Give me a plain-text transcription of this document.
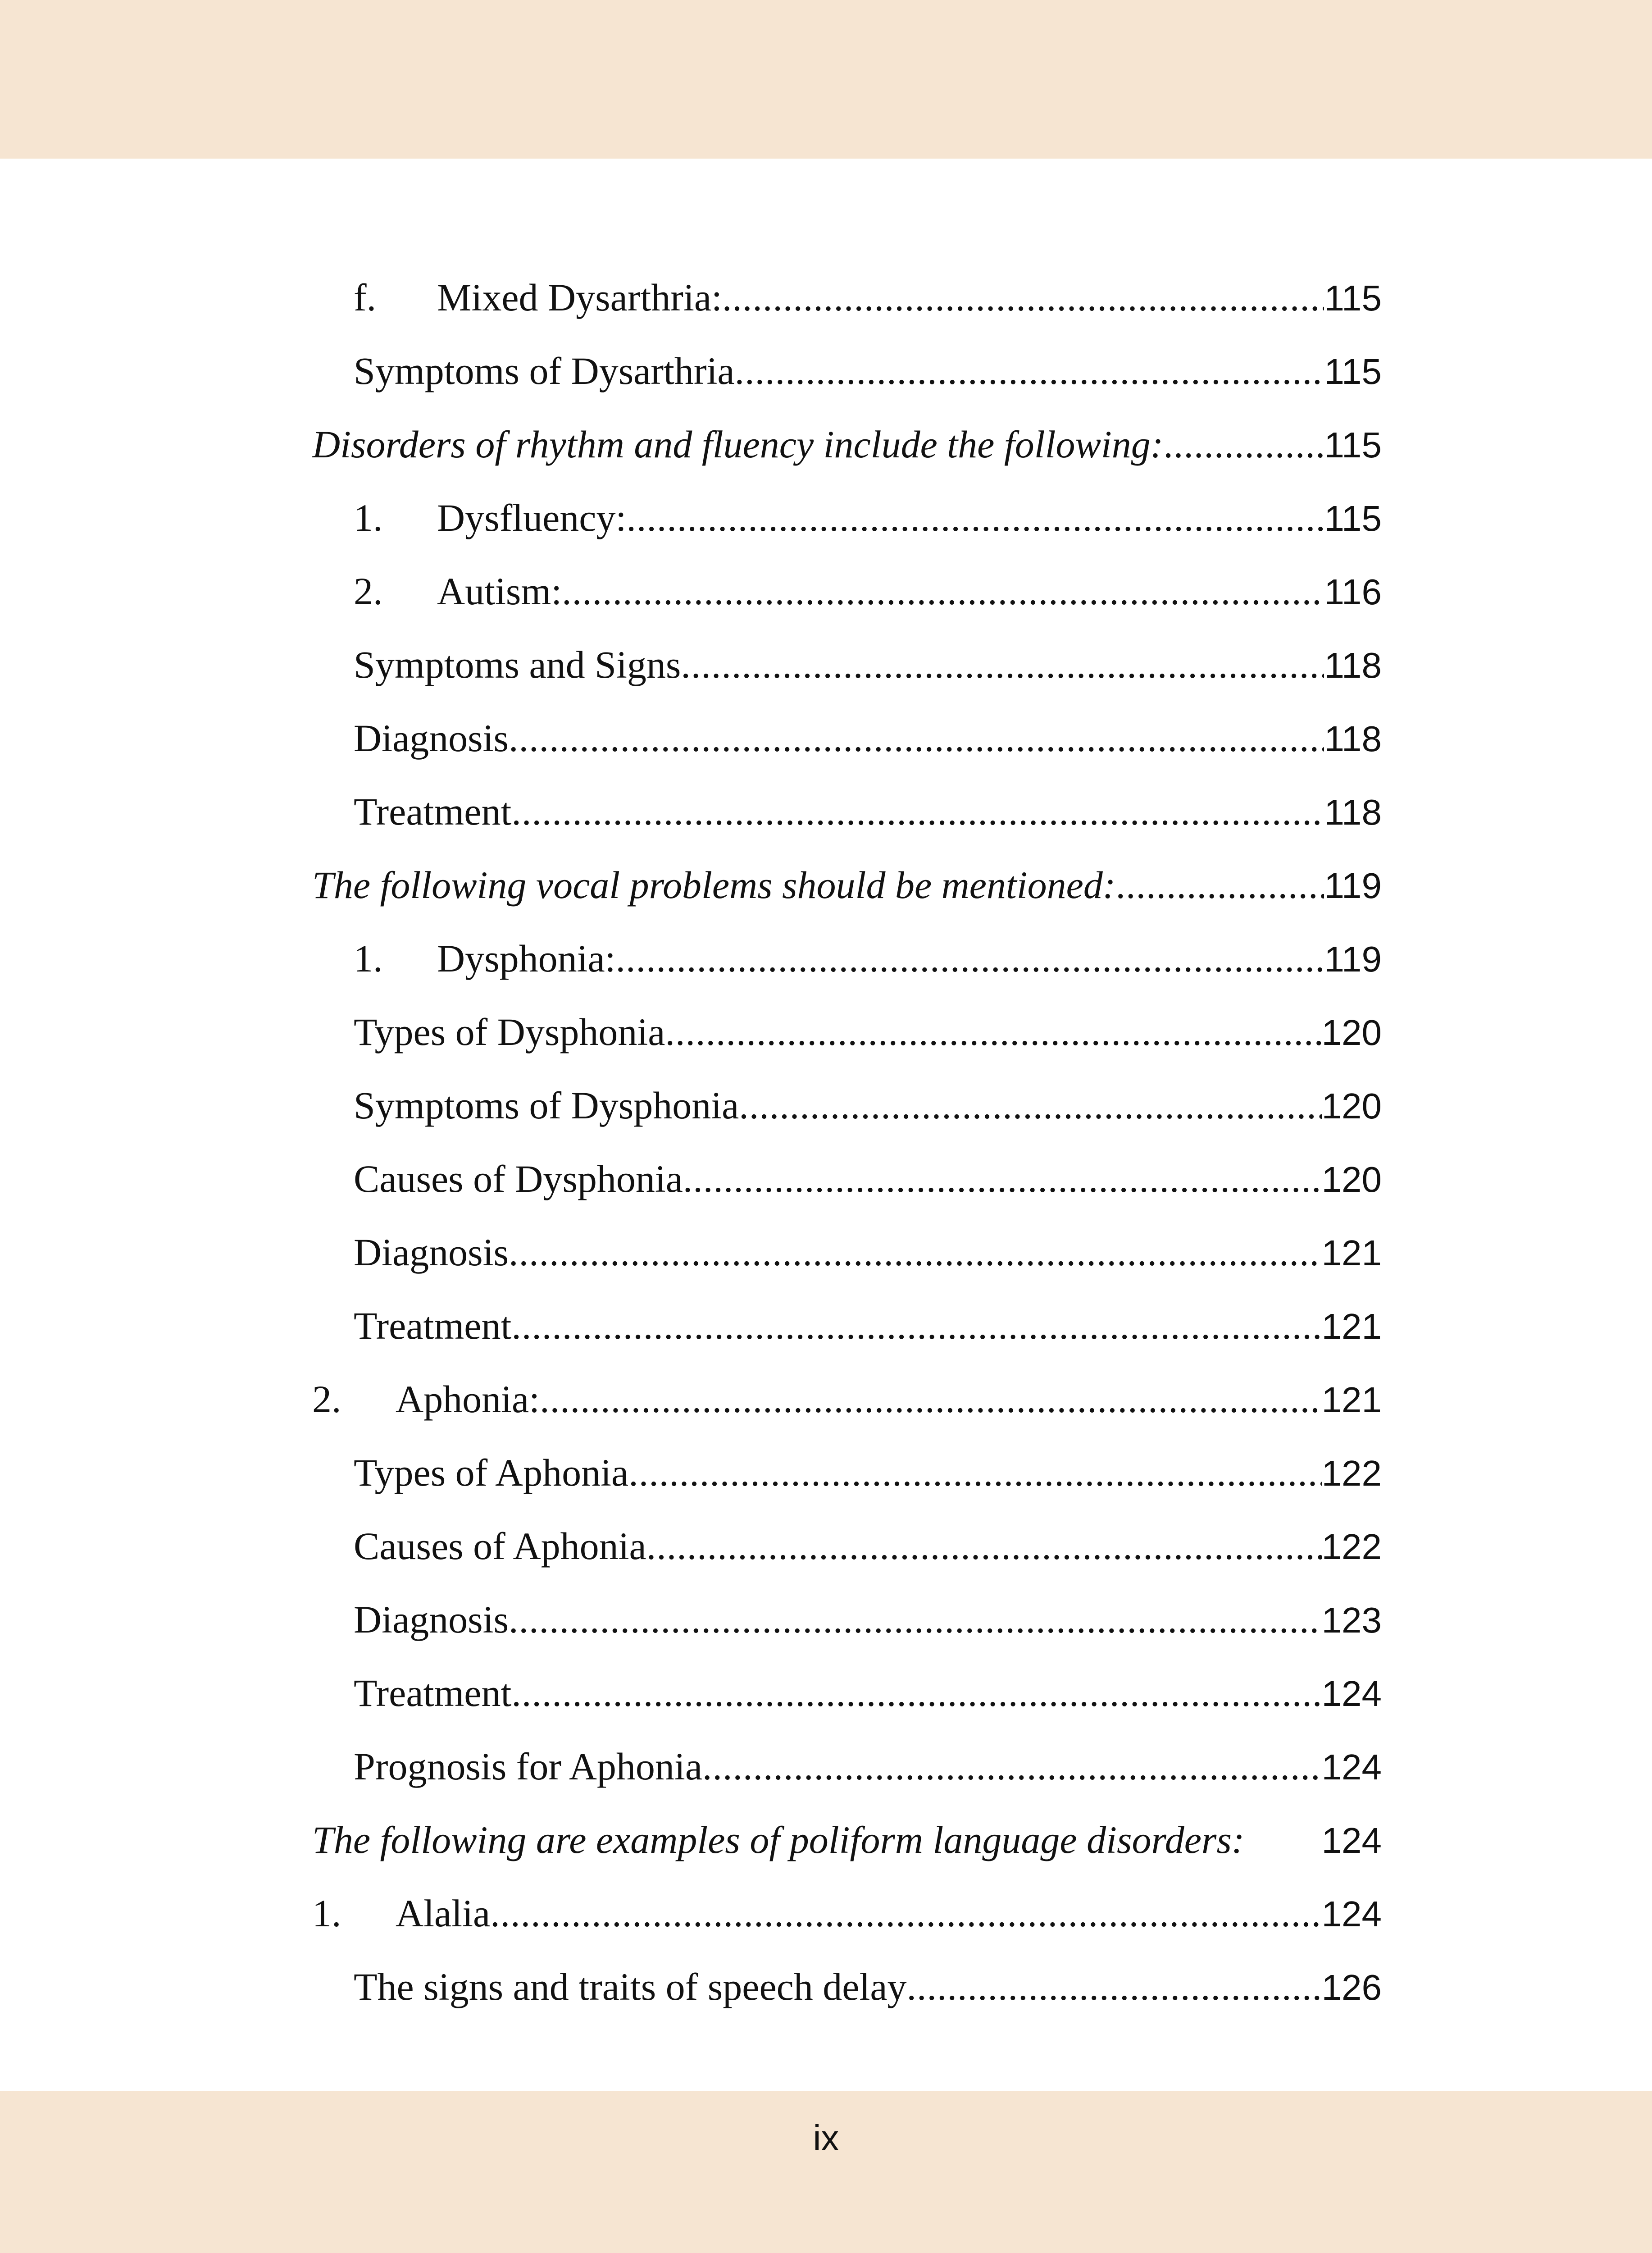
f.	Mixed Dysarthria: .....	115
Symptoms of Dysarthria .....	115
Disorders of rhythm and fluency include the following: .....	115
1.	Dysfluency: .....	115
2.	Autism: .....	116
Symptoms and Signs .....	118
Diagnosis .....	118
Treatment .....	118
The following vocal problems should be mentioned: .....	119
1.	Dysphonia: .....	119
Types of Dysphonia .....	120
Symptoms of Dysphonia .....	120
Causes of Dysphonia .....	120
Diagnosis .....	121
Treatment .....	121
2.	Aphonia: .....	121
Types of Aphonia .....	122
Causes of Aphonia .....	122
Diagnosis .....	123
Treatment .....	124
Prognosis for Aphonia .....	124
The following are examples of poliform language disorders: 124
1.	Alalia .....	124
The signs and traits of speech delay .....	126
ix
